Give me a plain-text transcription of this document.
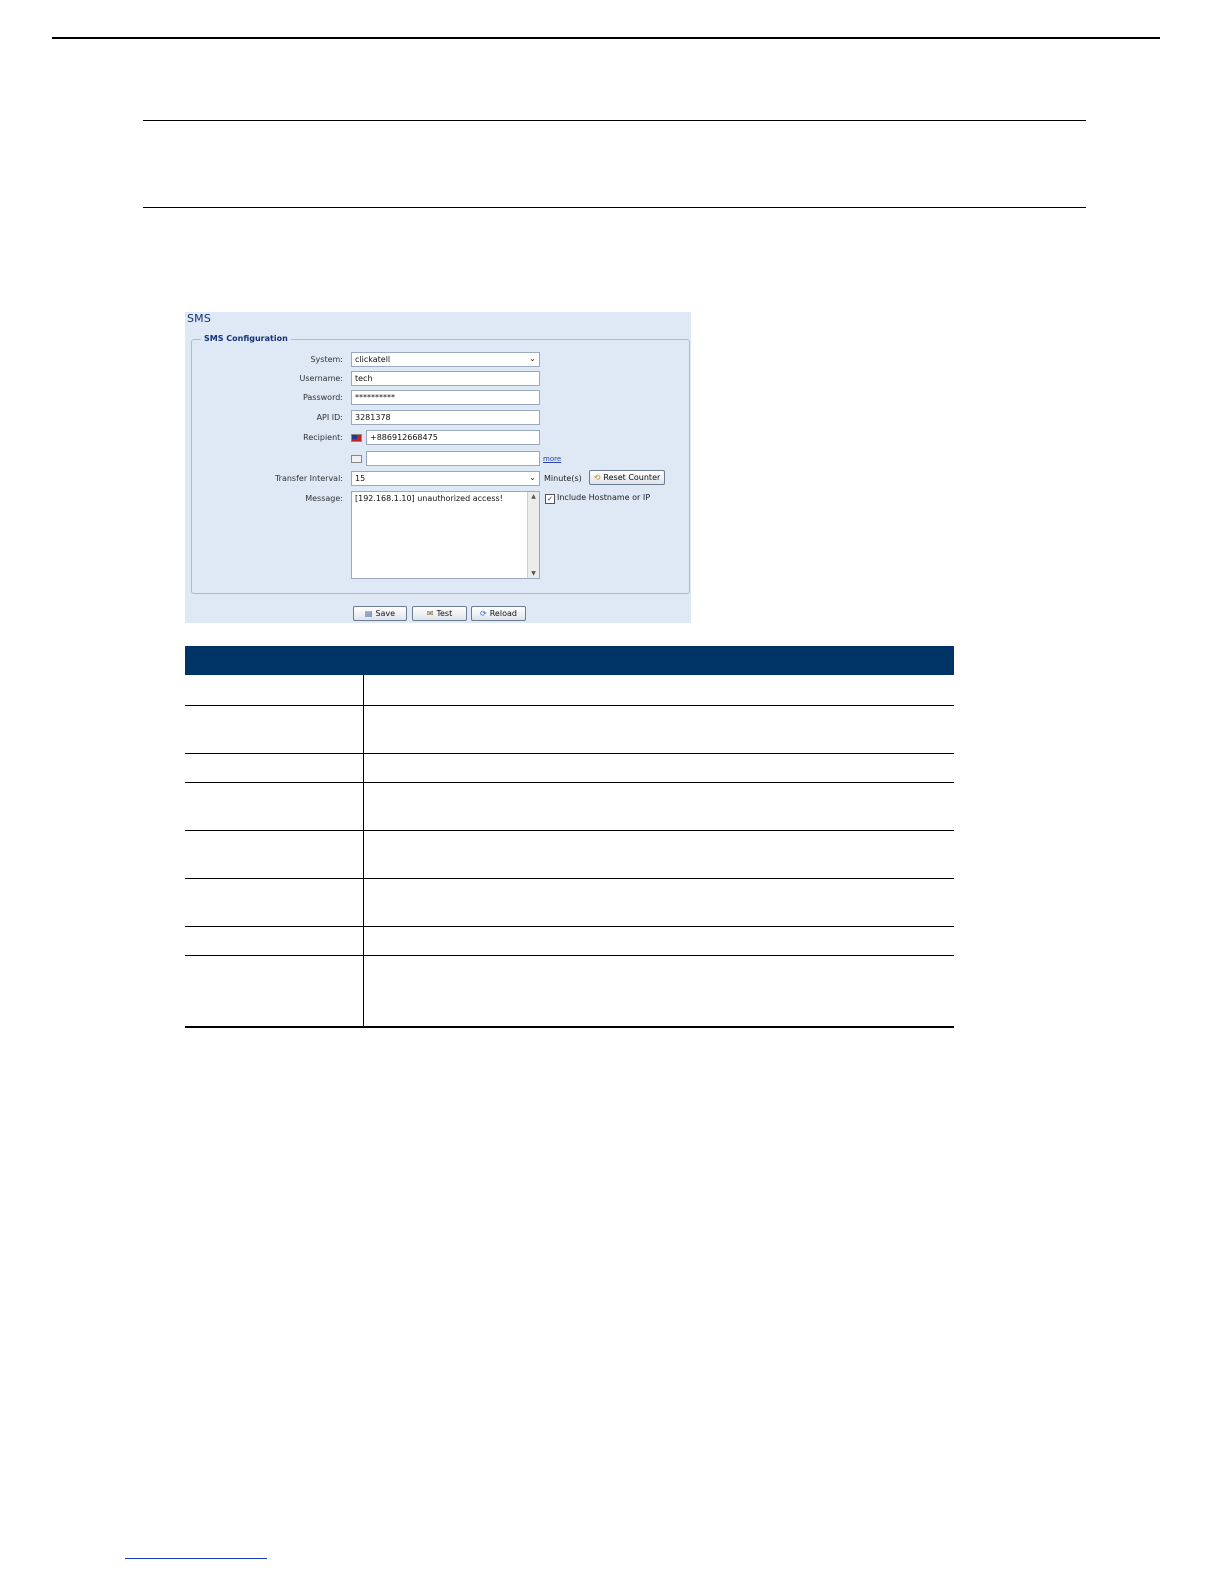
SMS
SMS Configuration
System:	clickatell	⌄
Username:	tech
Password:	**********
API ID:	3281378
Recipient:	+886912668475
more
Transfer Interval:	15	⌄	Minute(s) ⟲ Reset Counter
Message:	[192.168.1.10] unauthorized access!	▲
▼
✓ Include Hostname or IP
▤ Save	✉ Test	⟳ Reload
